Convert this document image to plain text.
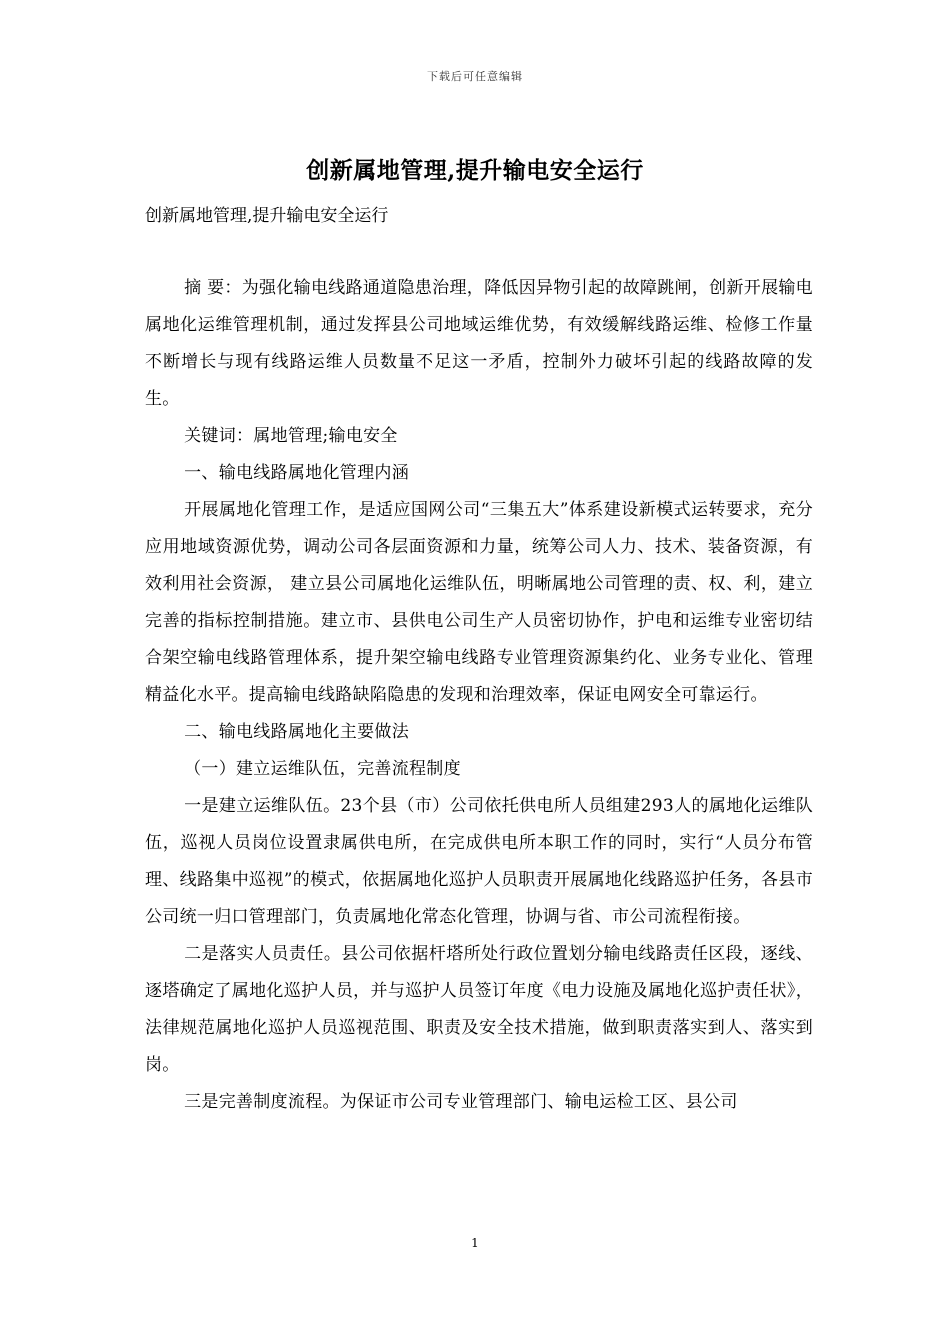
下载后可任意编辑
创新属地管理,提升输电安全运行
创新属地管理,提升输电安全运行

摘 要：为强化输电线路通道隐患治理，降低因异物引起的故障跳闸，创新开展输电属地化运维管理机制，通过发挥县公司地域运维优势，有效缓解线路运维、检修工作量不断增长与现有线路运维人员数量不足这一矛盾，控制外力破坏引起的线路故障的发生。

关键词：属地管理;输电安全

一、输电线路属地化管理内涵

开展属地化管理工作，是适应国网公司“三集五大”体系建设新模式运转要求，充分应用地域资源优势，调动公司各层面资源和力量，统筹公司人力、技术、装备资源，有效利用社会资源， 建立县公司属地化运维队伍，明晰属地公司管理的责、权、利，建立完善的指标控制措施。建立市、县供电公司生产人员密切协作，护电和运维专业密切结合架空输电线路管理体系，提升架空输电线路专业管理资源集约化、业务专业化、管理精益化水平。提高输电线路缺陷隐患的发现和治理效率，保证电网安全可靠运行。

二、输电线路属地化主要做法

（一）建立运维队伍，完善流程制度

一是建立运维队伍。23个县（市）公司依托供电所人员组建293人的属地化运维队伍，巡视人员岗位设置隶属供电所，在完成供电所本职工作的同时，实行“人员分布管理、线路集中巡视”的模式，依据属地化巡护人员职责开展属地化线路巡护任务，各县市公司统一归口管理部门，负责属地化常态化管理，协调与省、市公司流程衔接。

二是落实人员责任。县公司依据杆塔所处行政位置划分输电线路责任区段，逐线、逐塔确定了属地化巡护人员，并与巡护人员签订年度《电力设施及属地化巡护责任状》，法律规范属地化巡护人员巡视范围、职责及安全技术措施，做到职责落实到人、落实到岗。

三是完善制度流程。为保证市公司专业管理部门、输电运检工区、县公司

1
